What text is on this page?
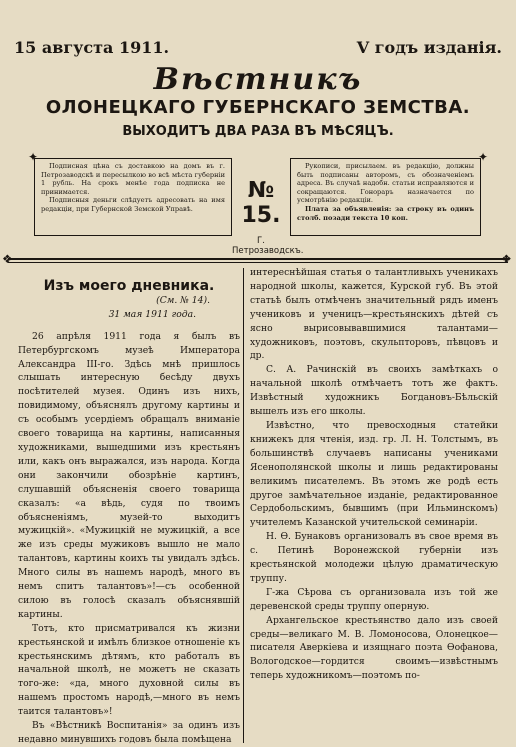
15 августа 1911.	V годъ изданія.
Вѣстникъ
ОЛОНЕЦКАГО ГУБЕРНСКАГО ЗЕМСТВА.
ВЫХОДИТЪ ДВА РАЗА ВЪ МѢСЯЦЪ.
✦	✦

Подписная цѣна съ доставкою на домъ въ г. Петрозаводскѣ и пересылкою во всѣ мѣста губерніи 1 рубль. На срокъ менѣе года подписка не принимается.

Подписныя деньги слѣдуетъ адресовать на имя редакціи, при Губернской Земской Управѣ.

№ 15.
Г. Петрозаводскъ.

Рукописи, присылаем. въ редакцію, должны быть подписаны авторомъ, съ обозначеніемъ адреса. Въ случаѣ надобн. статьи исправляются и сокращаются. Гонораръ назначается по усмотрѣнію редакціи.

Плата за объявленія: за строку въ одинъ столб. позади текста 10 коп.

❖	❖

Изъ моего дневника.

(См. № 14).

31 мая 1911 года.

26 апрѣля 1911 года я былъ въ Петербургскомъ музеѣ Императора Александра III-го. Здѣсь мнѣ пришлось слышать интересную бесѣду двухъ посѣтителей музея. Одинъ изъ нихъ, повидимому, объяснялъ другому картины и съ особымъ усердіемъ обращалъ вниманіе своего товарища на картины, написанныя художниками, вышедшими изъ крестьянъ или, какъ онъ выражался, изъ народа. Когда они закончили обозрѣніе картинъ, слушавшій объясненія своего товарища сказалъ: «а вѣдь, судя по твоимъ объясненіямъ, музей-то выходитъ мужицкій». «Мужицкій не мужицкій, а все же изъ среды мужиковъ вышло не мало талантовъ, картины коихъ ты увидалъ здѣсь. Много силы въ нашемъ народѣ, много въ немъ спитъ талантовъ»!—съ особенной силою въ голосѣ сказалъ объяснявшій картины.

Тотъ, кто присматривался къ жизни крестьянской и имѣлъ близкое отношеніе къ крестьянскимъ дѣтямъ, кто работалъ въ начальной школѣ, не можетъ не сказать того-же: «да, много духовной силы въ нашемъ простомъ народѣ,—много въ немъ таится талантовъ»!

Въ «Вѣстникѣ Воспитанія» за одинъ изъ недавно минувшихъ годовъ была помѣщена

интереснѣйшая статья о талантливыхъ ученикахъ народной школы, кажется, Курской губ. Въ этой статьѣ былъ отмѣченъ значительный рядъ именъ учениковъ и ученицъ—крестьянскихъ дѣтей съ ясно вырисовывавшимися талантами—художниковъ, поэтовъ, скульпторовъ, пѣвцовъ и др.

С. А. Рачинскій въ своихъ замѣткахъ о начальной школѣ отмѣчаетъ тотъ же фактъ. Извѣстный художникъ Богдановъ-Бѣльскій вышелъ изъ его школы.

Извѣстно, что превосходныя статейки книжекъ для чтенія, изд. гр. Л. Н. Толстымъ, въ большинствѣ случаевъ написаны учениками Ясенополянской школы и лишь редактированы великимъ писателемъ. Въ этомъ же родѣ есть другое замѣчательное изданіе, редактированное Сердобольскимъ, бывшимъ (при Ильминскомъ) учителемъ Казанской учительской семинаріи.

Н. Ѳ. Бунаковъ организовалъ въ свое время въ с. Петинѣ Воронежской губерніи изъ крестьянской молодежи цѣлую драматическую труппу.

Г-жа Сѣрова съ организовала изъ той же деревенской среды труппу оперную.

Архангельское крестьянство дало изъ своей среды—великаго М. В. Ломоносова, Олонецкое—писателя Аверкіева и изящнаго поэта Ѳофанова, Вологодское—гордится своимъ—извѣстнымъ теперь художникомъ—поэтомъ по-
